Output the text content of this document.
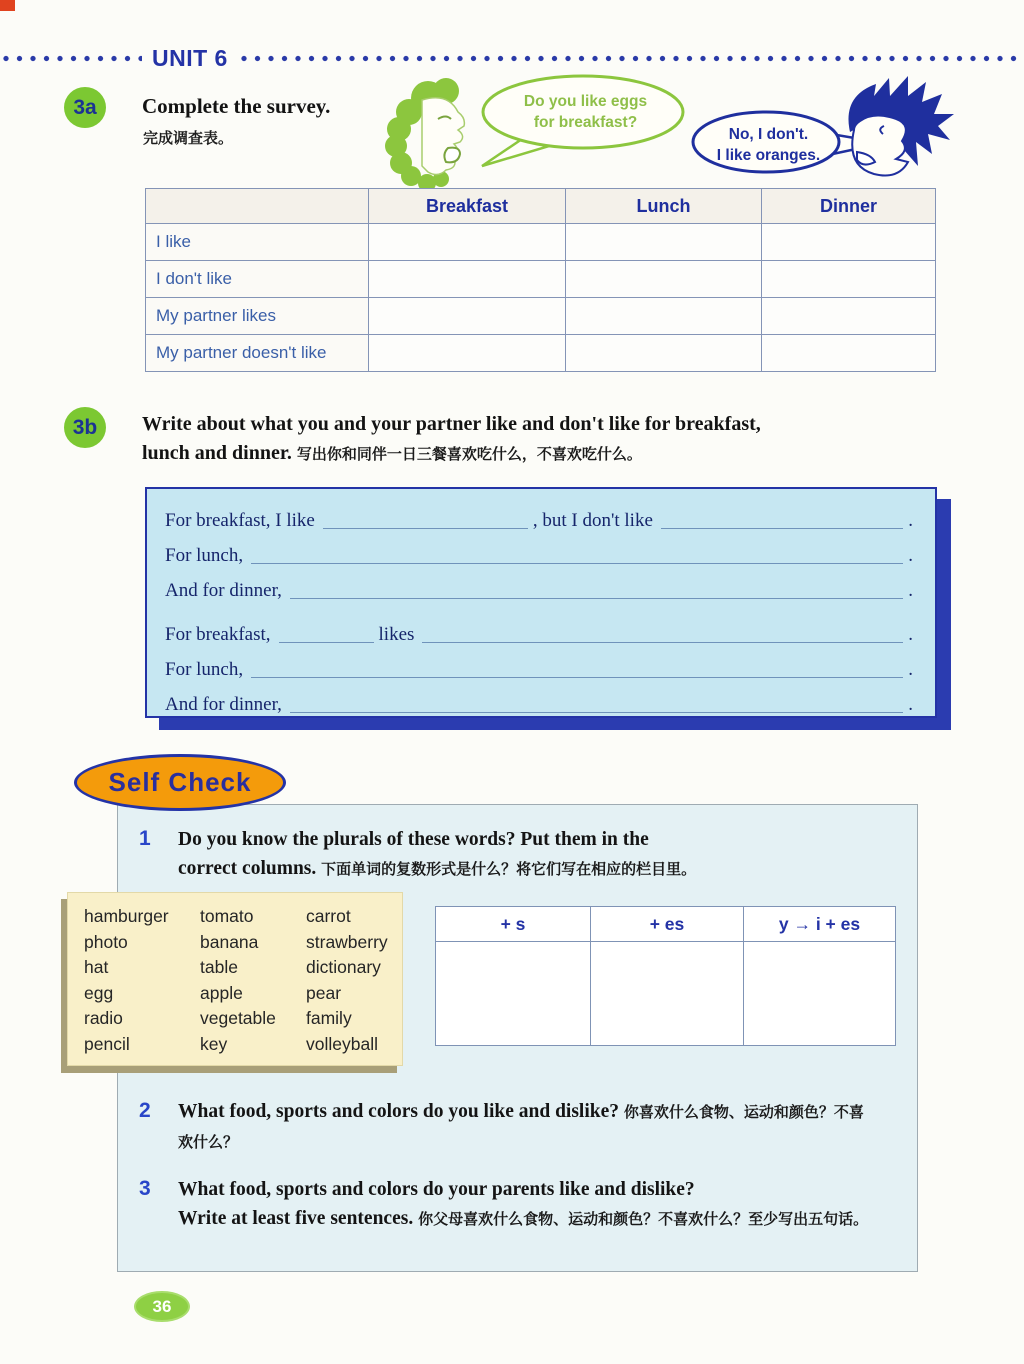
UNIT 6
3a	Complete the survey.
完成调查表。
Do you like eggs
for breakfast?
No, I don't.
I like oranges.
	Breakfast	Lunch	Dinner
I like			
I don't like			
My partner likes			
My partner doesn't like			
3b	Write about what you and your partner like and don't like for breakfast,
lunch and dinner. 写出你和同伴一日三餐喜欢吃什么，不喜欢吃什么。
For breakfast, I like	, but I don't like	.
For lunch,	.
And for dinner,	.
For breakfast,	likes	.
For lunch,	.
And for dinner,	.
Self Check
1 Do you know the plurals of these words? Put them in the
correct columns. 下面单词的复数形式是什么？将它们写在相应的栏目里。
hamburger
photo
hat
egg
radio
pencil
tomato
banana
table
apple
vegetable
key
carrot
strawberry
dictionary
pear
family
volleyball
+ s	+ es	y → i + es

2 What food, sports and colors do you like and dislike? 你喜欢什么食物、运动和颜色？不喜欢什么？
3 What food, sports and colors do your parents like and dislike?
Write at least five sentences. 你父母喜欢什么食物、运动和颜色？不喜欢什么？至少写出五句话。
36
